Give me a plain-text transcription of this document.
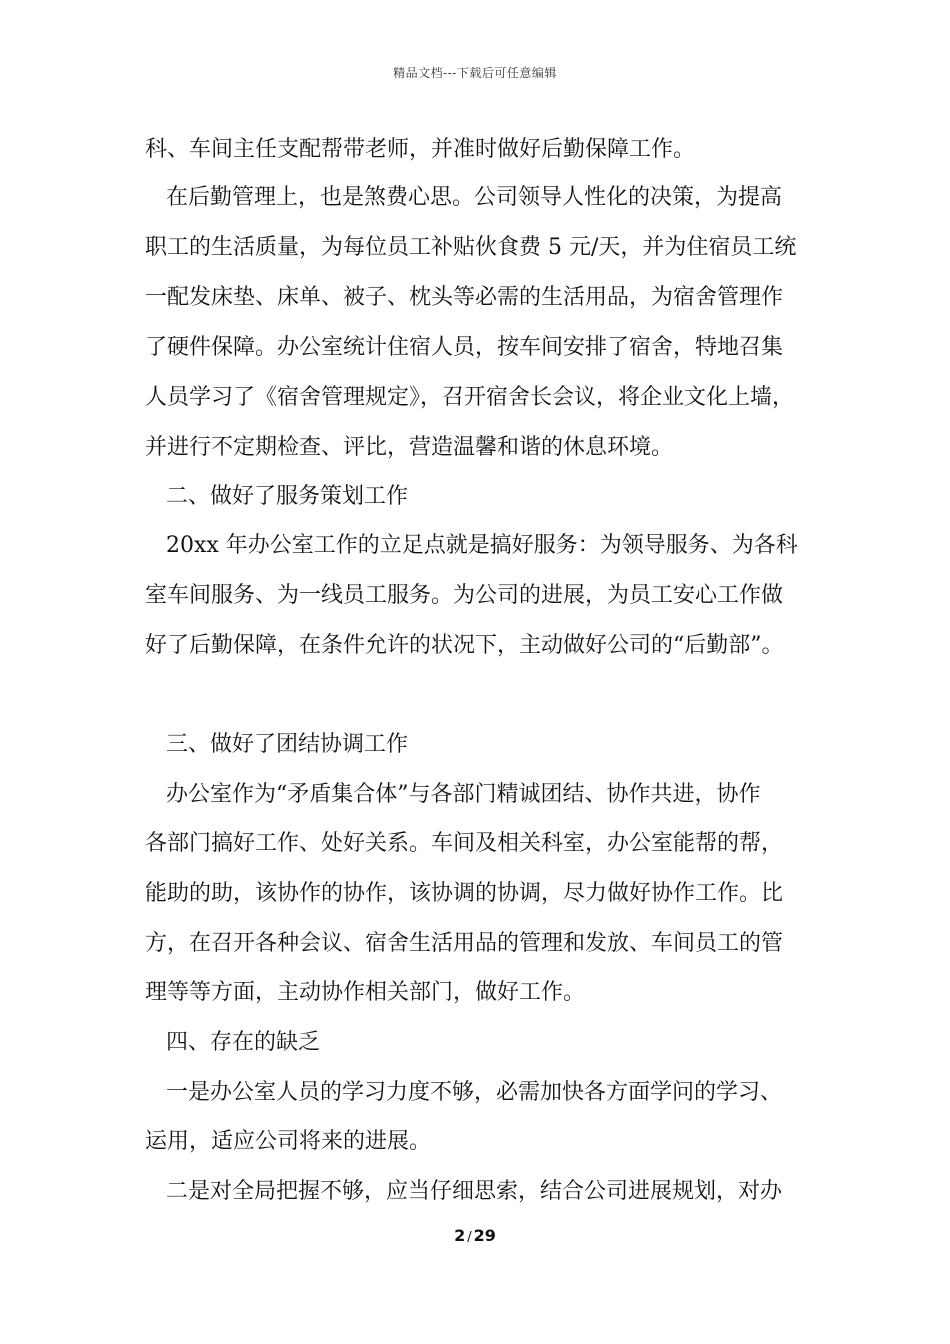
精品文档---下载后可任意编辑
科、车间主任支配帮带老师，并准时做好后勤保障工作。
在后勤管理上，也是煞费心思。公司领导人性化的决策，为提高
职工的生活质量，为每位员工补贴伙食费 5 元/天，并为住宿员工统
一配发床垫、床单、被子、枕头等必需的生活用品，为宿舍管理作
了硬件保障。办公室统计住宿人员，按车间安排了宿舍，特地召集
人员学习了《宿舍管理规定》，召开宿舍长会议，将企业文化上墙，
并进行不定期检查、评比，营造温馨和谐的休息环境。
二、做好了服务策划工作
20xx 年办公室工作的立足点就是搞好服务：为领导服务、为各科
室车间服务、为一线员工服务。为公司的进展，为员工安心工作做
好了后勤保障，在条件允许的状况下，主动做好公司的“后勤部”。
三、做好了团结协调工作
办公室作为“矛盾集合体”与各部门精诚团结、协作共进，协作
各部门搞好工作、处好关系。车间及相关科室，办公室能帮的帮，
能助的助，该协作的协作，该协调的协调，尽力做好协作工作。比
方，在召开各种会议、宿舍生活用品的管理和发放、车间员工的管
理等等方面，主动协作相关部门，做好工作。
四、存在的缺乏
一是办公室人员的学习力度不够，必需加快各方面学问的学习、
运用，适应公司将来的进展。
二是对全局把握不够，应当仔细思索，结合公司进展规划，对办
2 / 29
